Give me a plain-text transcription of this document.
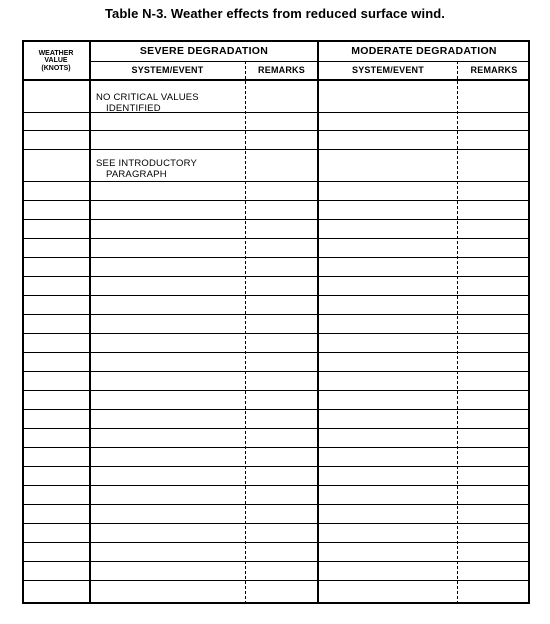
Table N-3. Weather effects from reduced surface wind.
WEATHER
VALUE
(KNOTS)
SEVERE DEGRADATION	MODERATE DEGRADATION
SYSTEM/EVENT	REMARKS	SYSTEM/EVENT	REMARKS
NO CRITICAL VALUES
IDENTIFIED
SEE INTRODUCTORY
PARAGRAPH
